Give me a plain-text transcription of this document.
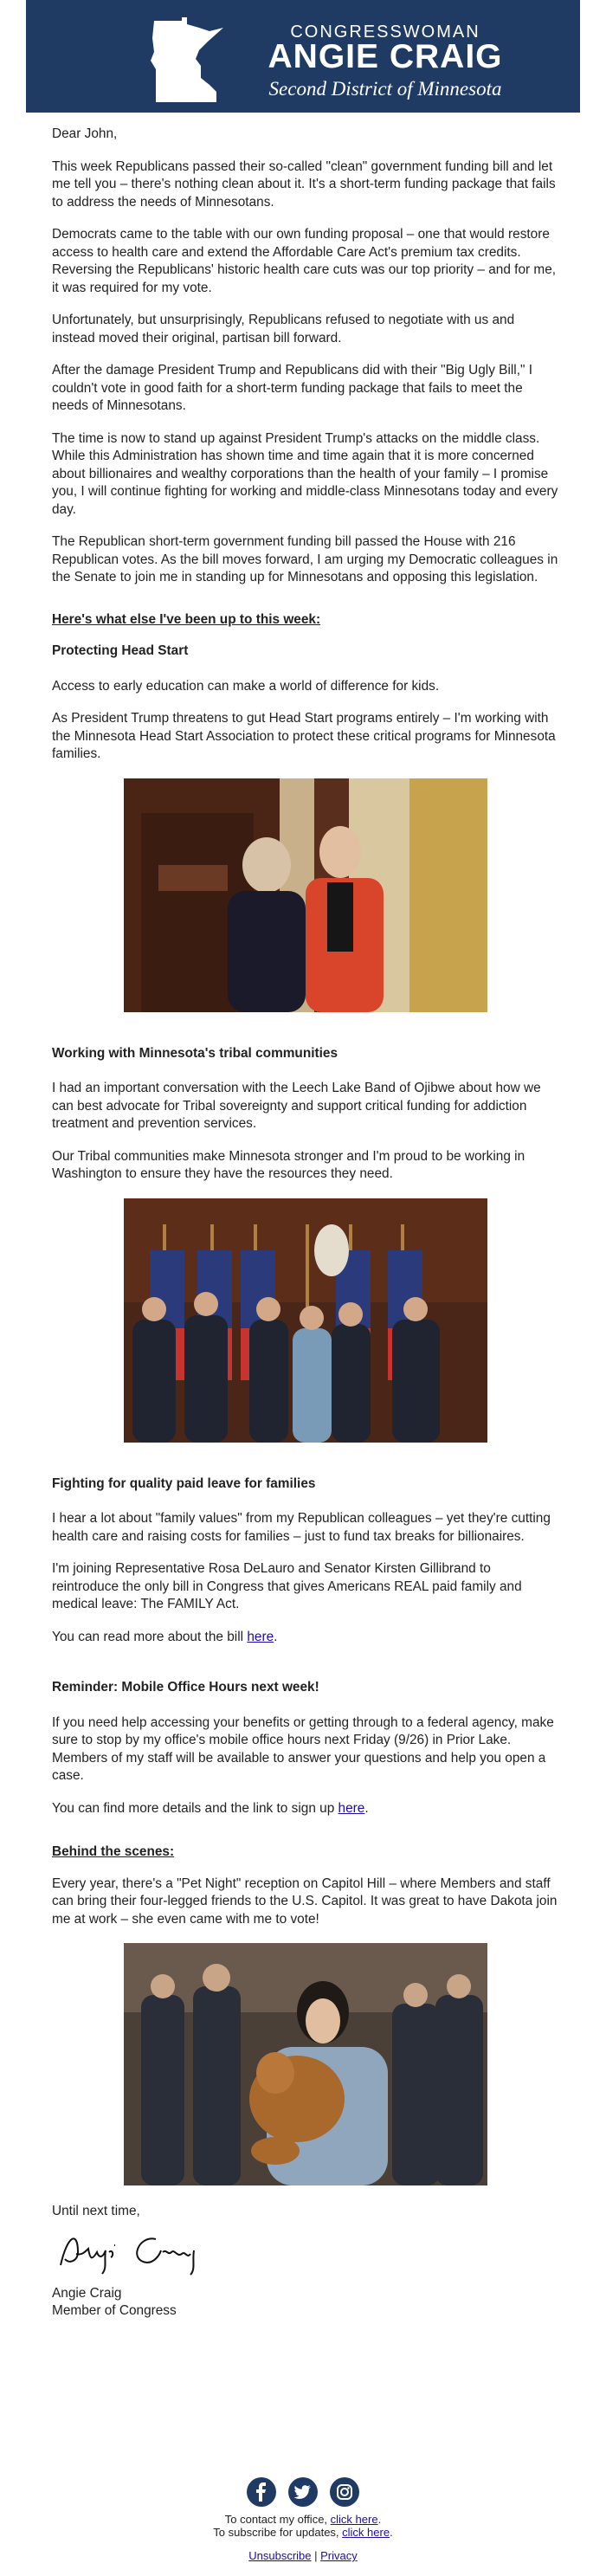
CONGRESSWOMAN
ANGIE CRAIG
Second District of Minnesota

Dear John,

This week Republicans passed their so-called "clean" government funding bill and let me tell you – there's nothing clean about it. It's a short-term funding package that fails to address the needs of Minnesotans.

Democrats came to the table with our own funding proposal – one that would restore access to health care and extend the Affordable Care Act's premium tax credits. Reversing the Republicans' historic health care cuts was our top priority – and for me, it was required for my vote.

Unfortunately, but unsurprisingly, Republicans refused to negotiate with us and instead moved their original, partisan bill forward.

After the damage President Trump and Republicans did with their "Big Ugly Bill," I couldn't vote in good faith for a short-term funding package that fails to meet the needs of Minnesotans.

The time is now to stand up against President Trump's attacks on the middle class. While this Administration has shown time and time again that it is more concerned about billionaires and wealthy corporations than the health of your family – I promise you, I will continue fighting for working and middle-class Minnesotans today and every day.

The Republican short-term government funding bill passed the House with 216 Republican votes. As the bill moves forward, I am urging my Democratic colleagues in the Senate to join me in standing up for Minnesotans and opposing this legislation.

Here's what else I've been up to this week:
Protecting Head Start

Access to early education can make a world of difference for kids.

As President Trump threatens to gut Head Start programs entirely – I'm working with the Minnesota Head Start Association to protect these critical programs for Minnesota families.

Working with Minnesota's tribal communities

I had an important conversation with the Leech Lake Band of Ojibwe about how we can best advocate for Tribal sovereignty and support critical funding for addiction treatment and prevention services.

Our Tribal communities make Minnesota stronger and I'm proud to be working in Washington to ensure they have the resources they need.

Fighting for quality paid leave for families

I hear a lot about "family values" from my Republican colleagues – yet they're cutting health care and raising costs for families – just to fund tax breaks for billionaires.

I'm joining Representative Rosa DeLauro and Senator Kirsten Gillibrand to reintroduce the only bill in Congress that gives Americans REAL paid family and medical leave: The FAMILY Act.

You can read more about the bill here.

Reminder: Mobile Office Hours next week!

If you need help accessing your benefits or getting through to a federal agency, make sure to stop by my office's mobile office hours next Friday (9/26) in Prior Lake. Members of my staff will be available to answer your questions and help you open a case.

You can find more details and the link to sign up here.

Behind the scenes:

Every year, there's a "Pet Night" reception on Capitol Hill – where Members and staff can bring their four-legged friends to the U.S. Capitol. It was great to have Dakota join me at work – she even came with me to vote!

Until next time,

Angie Craig

Member of Congress

To contact my office, click here.
To subscribe for updates, click here.
Unsubscribe | Privacy
